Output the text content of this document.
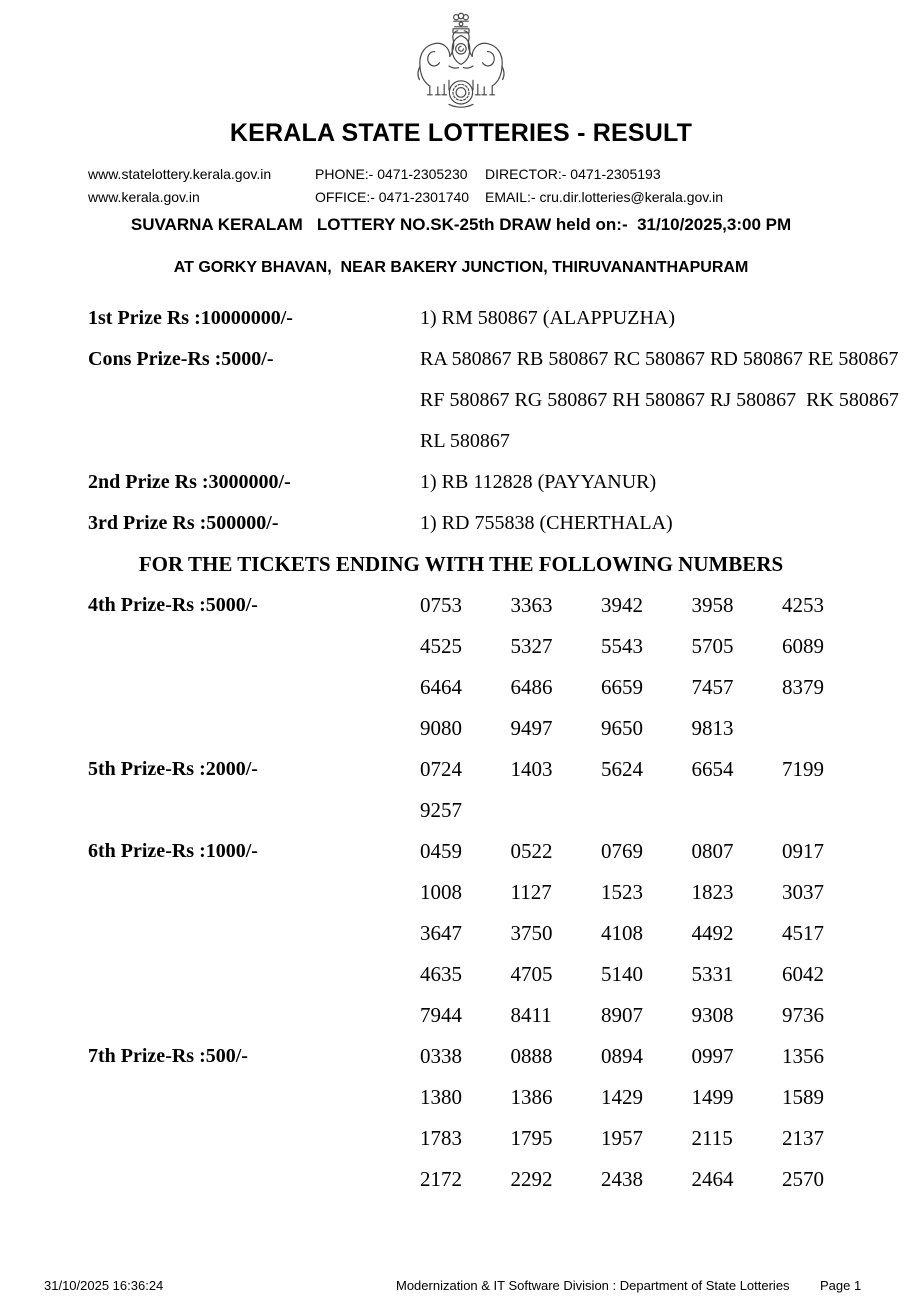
KERALA STATE LOTTERIES - RESULT
www.statelottery.kerala.gov.in	PHONE:- 0471-2305230	DIRECTOR:- 0471-2305193
www.kerala.gov.in	OFFICE:- 0471-2301740	EMAIL:- cru.dir.lotteries@kerala.gov.in
SUVARNA KERALAM   LOTTERY NO.SK-25th DRAW held on:-  31/10/2025,3:00 PM
AT GORKY BHAVAN,  NEAR BAKERY JUNCTION, THIRUVANANTHAPURAM
1st Prize Rs :10000000/-	1) RM 580867 (ALAPPUZHA)
Cons Prize-Rs :5000/-	RA 580867 RB 580867 RC 580867 RD 580867 RE 580867
RF 580867 RG 580867 RH 580867 RJ 580867  RK 580867
RL 580867
2nd Prize Rs :3000000/-	1) RB 112828 (PAYYANUR)
3rd Prize Rs :500000/-	1) RD 755838 (CHERTHALA)
FOR THE TICKETS ENDING WITH THE FOLLOWING NUMBERS
4th Prize-Rs :5000/-	0753	3363	3942	3958	4253
4525	5327	5543	5705	6089
6464	6486	6659	7457	8379
9080	9497	9650	9813
5th Prize-Rs :2000/-	0724	1403	5624	6654	7199
9257
6th Prize-Rs :1000/-	0459	0522	0769	0807	0917
1008	1127	1523	1823	3037
3647	3750	4108	4492	4517
4635	4705	5140	5331	6042
7944	8411	8907	9308	9736
7th Prize-Rs :500/-	0338	0888	0894	0997	1356
1380	1386	1429	1499	1589
1783	1795	1957	2115	2137
2172	2292	2438	2464	2570
31/10/2025 16:36:24	Modernization & IT Software Division : Department of State Lotteries Page 1
